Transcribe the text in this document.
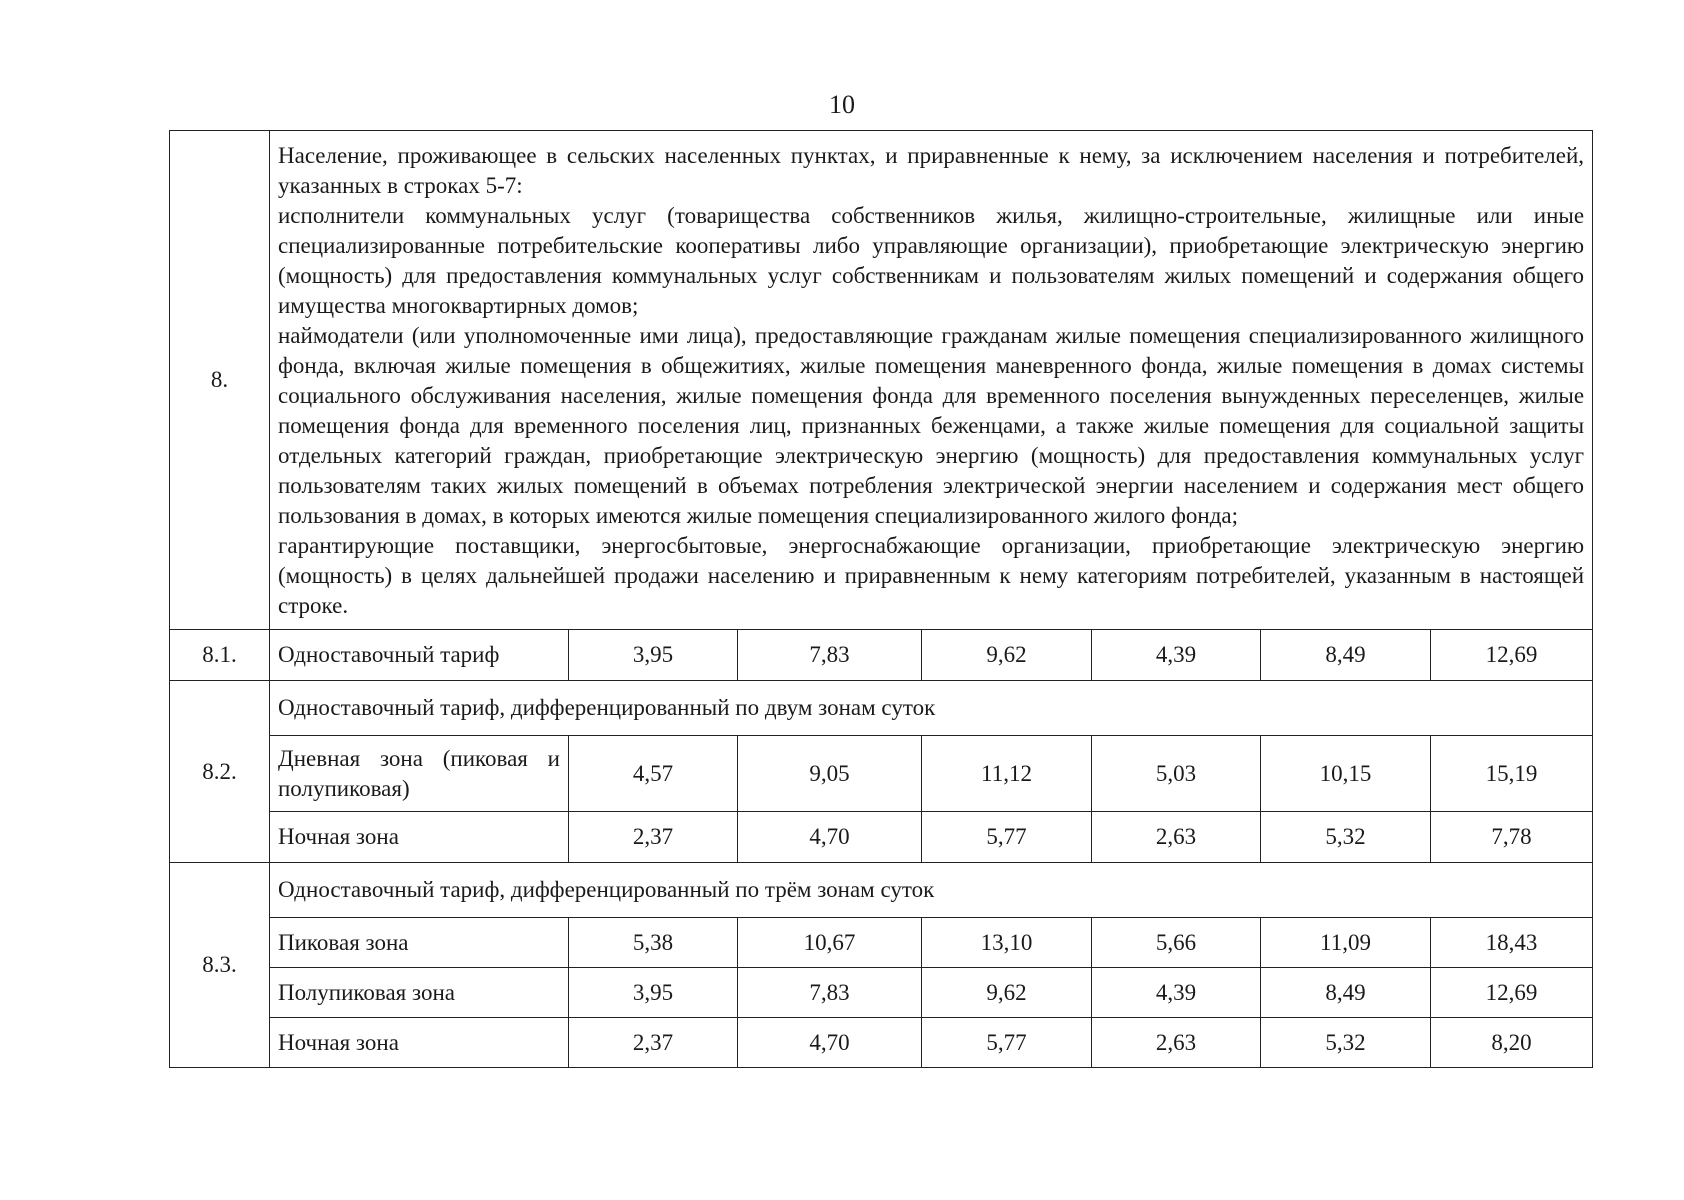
10
8.	Население, проживающее в сельских населенных пунктах, и приравненные к нему, за исключением населения и потребителей, указанных в строках 5-7:

исполнители коммунальных услуг (товарищества собственников жилья, жилищно-строительные, жилищные или иные специализированные потребительские кооперативы либо управляющие организации), приобретающие электрическую энергию (мощность) для предоставления коммунальных услуг собственникам и пользователям жилых помещений и содержания общего имущества многоквартирных домов;

наймодатели (или уполномоченные ими лица), предоставляющие гражданам жилые помещения специализированного жилищного фонда, включая жилые помещения в общежитиях, жилые помещения маневренного фонда, жилые помещения в домах системы социального обслуживания населения, жилые помещения фонда для временного поселения вынужденных переселенцев, жилые помещения фонда для временного поселения лиц, признанных беженцами, а также жилые помещения для социальной защиты отдельных категорий граждан, приобретающие электрическую энергию (мощность) для предоставления коммунальных услуг пользователям таких жилых помещений в объемах потребления электрической энергии населением и содержания мест общего пользования в домах, в которых имеются жилые помещения специализированного жилого фонда;

гарантирующие поставщики, энергосбытовые, энергоснабжающие организации, приобретающие электрическую энергию (мощность) в целях дальнейшей продажи населению и приравненным к нему категориям потребителей, указанным в настоящей строке.						

8.1.	Одноставочный тариф	3,95	7,83	9,62	4,39	8,49	12,69
8.2.	Одноставочный тариф, дифференцированный по двум зонам суток						
	Дневная зона (пиковая и полупиковая)	4,57	9,05	11,12	5,03	10,15	15,19
	Ночная зона	2,37	4,70	5,77	2,63	5,32	7,78
8.3.	Одноставочный тариф, дифференцированный по трём зонам суток						
	Пиковая зона	5,38	10,67	13,10	5,66	11,09	18,43
	Полупиковая зона	3,95	7,83	9,62	4,39	8,49	12,69
	Ночная зона	2,37	4,70	5,77	2,63	5,32	8,20
